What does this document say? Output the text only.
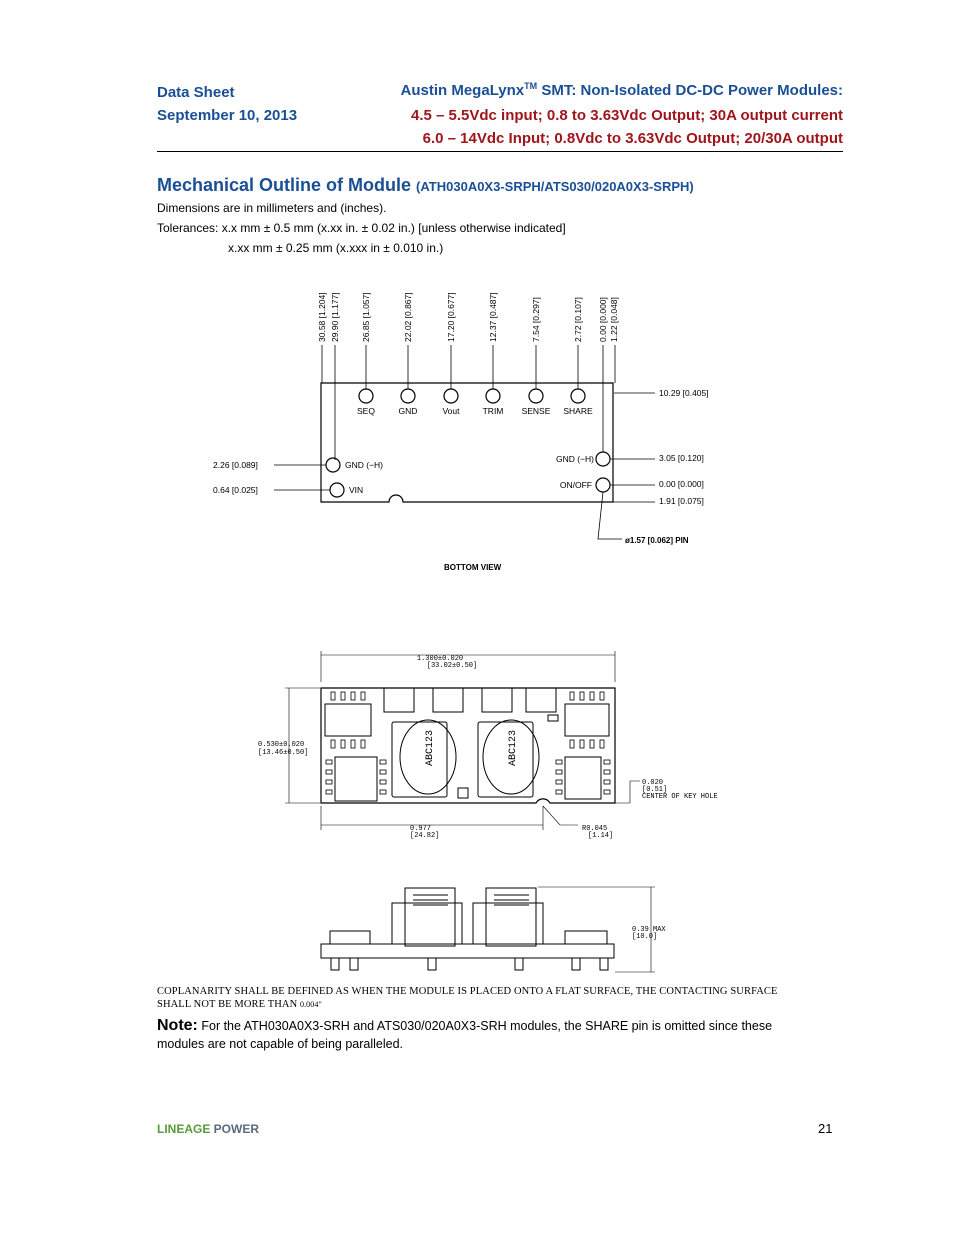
Data Sheet
September 10, 2013
Austin MegaLynx™ SMT: Non-Isolated DC-DC Power Modules:
4.5 – 5.5Vdc input; 0.8 to 3.63Vdc Output; 30A output current
6.0 – 14Vdc Input; 0.8Vdc to 3.63Vdc Output; 20/30A output
Mechanical Outline of Module (ATH030A0X3-SRPH/ATS030/020A0X3-SRPH)
Dimensions are in millimeters and (inches).
Tolerances: x.x mm ± 0.5 mm (x.xx in. ± 0.02 in.) [unless otherwise indicated]
x.xx mm ± 0.25 mm (x.xxx in ± 0.010 in.)
30.58 [1.204] 29.90 [1.177] 26.85 [1.057]	22.02 [0.867]	17.20 [0.677]	12.37 [0.487]	7.54 [0.297]	2.72 [0.107] 0.00 [0.000] 1.22 [0.048]
SEQ	GND	Vout	TRIM SENSE SHARE
GND (−H)
VIN
GND (−H)
ON/OFF
2.26 [0.089]
0.64 [0.025]
10.29 [0.405]
3.05 [0.120]
0.00 [0.000]
1.91 [0.075]
ø1.57 [0.062] PIN
BOTTOM VIEW
1.300±0.020
[33.02±0.50]
0.530±0.020
[13.46±0.50]
0.977
[24.82]
R0.045
[1.14]
0.020
[0.51]
CENTER OF KEY HOLE
ABC123	ABC123
0.39 MAX
[10.0]
COPLANARITY SHALL BE DEFINED AS WHEN THE MODULE IS PLACED ONTO A FLAT SURFACE, THE CONTACTING SURFACE
SHALL NOT BE MORE THAN 0.004"
Note: For the ATH030A0X3-SRH and ATS030/020A0X3-SRH modules, the SHARE pin is omitted since these
modules are not capable of being paralleled.
LINEAGE POWER	21
